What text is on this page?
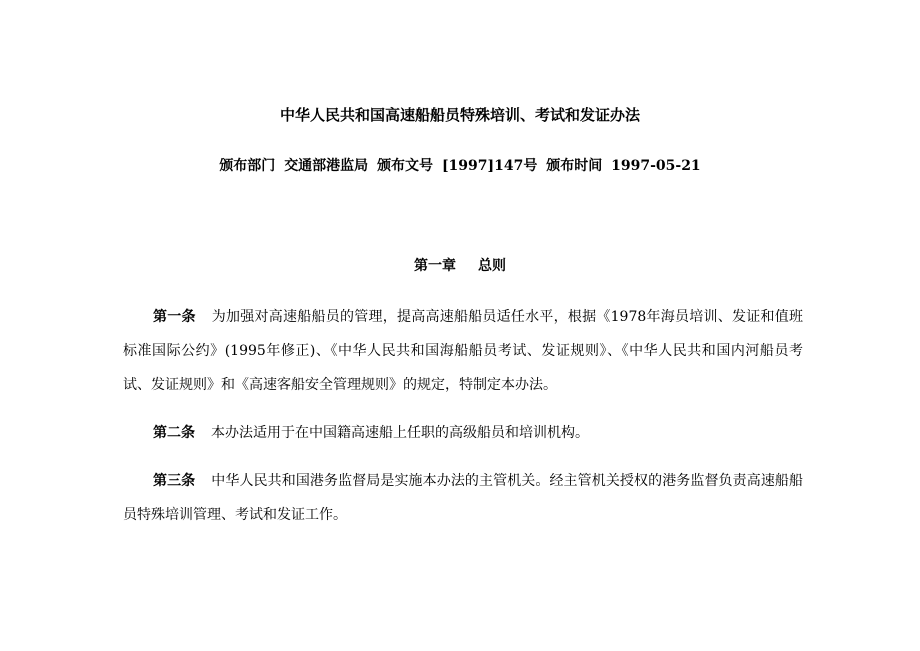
中华人民共和国高速船船员特殊培训、考试和发证办法
颁布部门 交通部港监局 颁布文号 [1997]147号 颁布时间 1997-05-21
第一章 总则

第一条 为加强对高速船船员的管理，提高高速船船员适任水平，根据《1978年海员培训、发证和值班标准国际公约》(1995年修正)、《中华人民共和国海船船员考试、发证规则》、《中华人民共和国内河船员考试、发证规则》和《高速客船安全管理规则》的规定，特制定本办法。

第二条 本办法适用于在中国籍高速船上任职的高级船员和培训机构。

第三条 中华人民共和国港务监督局是实施本办法的主管机关。经主管机关授权的港务监督负责高速船船员特殊培训管理、考试和发证工作。
